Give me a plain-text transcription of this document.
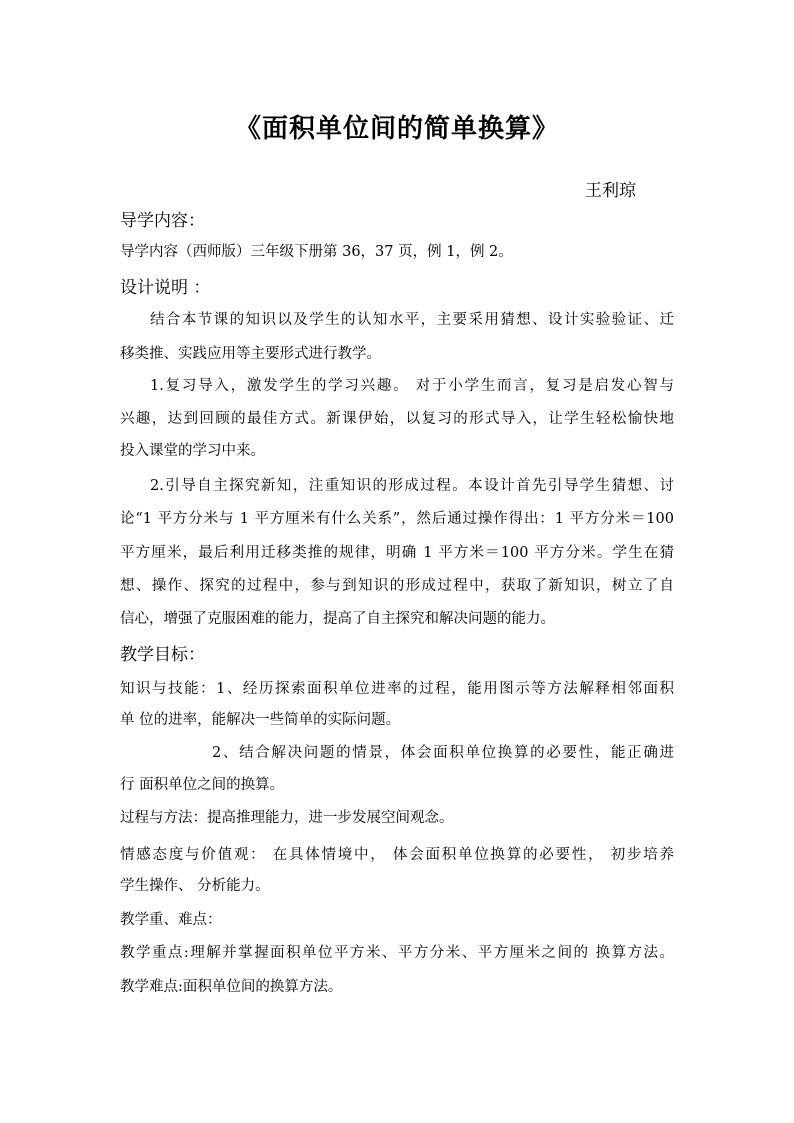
《面积单位间的简单换算》
王利琼
导学内容：
导学内容（西师版）三年级下册第 36，37 页，例 1，例 2。
设计说明 ：
结合本节课的知识以及学生的认知水平，主要采用猜想、设计实验验证、迁
移类推、实践应用等主要形式进行教学。
1.复习导入，激发学生的学习兴趣。 对于小学生而言，复习是启发心智与
兴趣，达到回顾的最佳方式。新课伊始，以复习的形式导入，让学生轻松愉快地
投入课堂的学习中来。
2.引导自主探究新知，注重知识的形成过程。本设计首先引导学生猜想、讨
论“1 平方分米与 1 平方厘米有什么关系”，然后通过操作得出：1 平方分米＝100
平方厘米，最后利用迁移类推的规律，明确 1 平方米＝100 平方分米。学生在猜
想、操作、探究的过程中，参与到知识的形成过程中，获取了新知识，树立了自
信心，增强了克服困难的能力，提高了自主探究和解决问题的能力。
教学目标：
知识与技能：1、经历探索面积单位进率的过程，能用图示等方法解释相邻面积
单 位的进率，能解决一些简单的实际问题。
2、结合解决问题的情景，体会面积单位换算的必要性，能正确进
行 面积单位之间的换算。
过程与方法：提高推理能力，进一步发展空间观念。
情感态度与价值观： 在具体情境中， 体会面积单位换算的必要性， 初步培养
学生操作、 分析能力。
教学重、难点：
教学重点:理解并掌握面积单位平方米、平方分米、平方厘米之间的 换算方法。
教学难点:面积单位间的换算方法。
